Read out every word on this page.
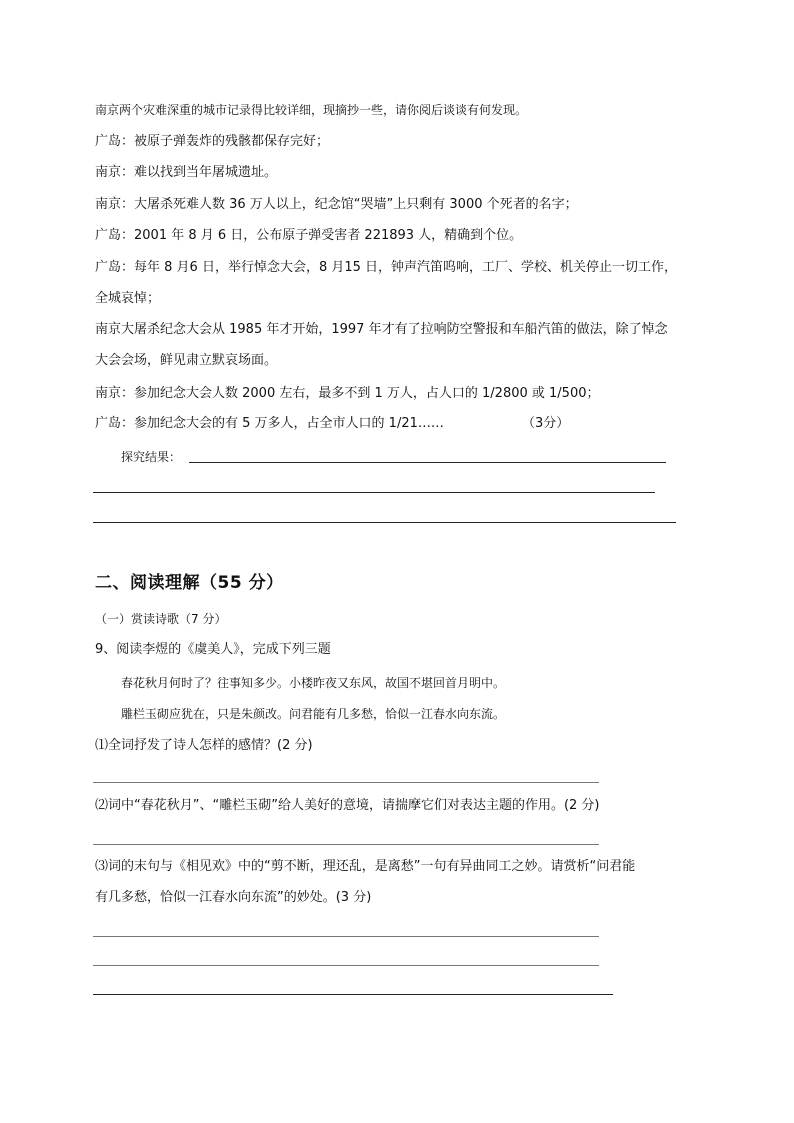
南京两个灾难深重的城市记录得比较详细，现摘抄一些，请你阅后谈谈有何发现。
广岛：被原子弹轰炸的残骸都保存完好；
南京：难以找到当年屠城遗址。
南京：大屠杀死难人数 36 万人以上，纪念馆“哭墙”上只剩有 3000 个死者的名字；
广岛：2001 年 8 月 6 日，公布原子弹受害者 221893 人，精确到个位。
广岛：每年 8 月6 日，举行悼念大会，8 月15 日，钟声汽笛呜响，工厂、学校、机关停止一切工作，
全城哀悼；
南京大屠杀纪念大会从 1985 年才开始，1997 年才有了拉响防空警报和车船汽笛的做法，除了悼念
大会会场，鲜见肃立默哀场面。
南京：参加纪念大会人数 2000 左右，最多不到 1 万人，占人口的 1/2800 或 1/500；
广岛：参加纪念大会的有 5 万多人，占全市人口的 1/21……	（3分）
探究结果：
二、阅读理解（55 分）
（一）赏读诗歌（7 分）
9、阅读李煜的《虞美人》，完成下列三题
春花秋月何时了？往事知多少。小楼昨夜又东风，故国不堪回首月明中。
雕栏玉砌应犹在，只是朱颜改。问君能有几多愁，恰似一江春水向东流。
⑴全词抒发了诗人怎样的感情？(2 分)
⑵词中“春花秋月”、“雕栏玉砌”给人美好的意境，请揣摩它们对表达主题的作用。(2 分)
⑶词的末句与《相见欢》中的“剪不断，理还乱，是离愁”一句有异曲同工之妙。请赏析“问君能
有几多愁，恰似一江春水向东流”的妙处。(3 分)
